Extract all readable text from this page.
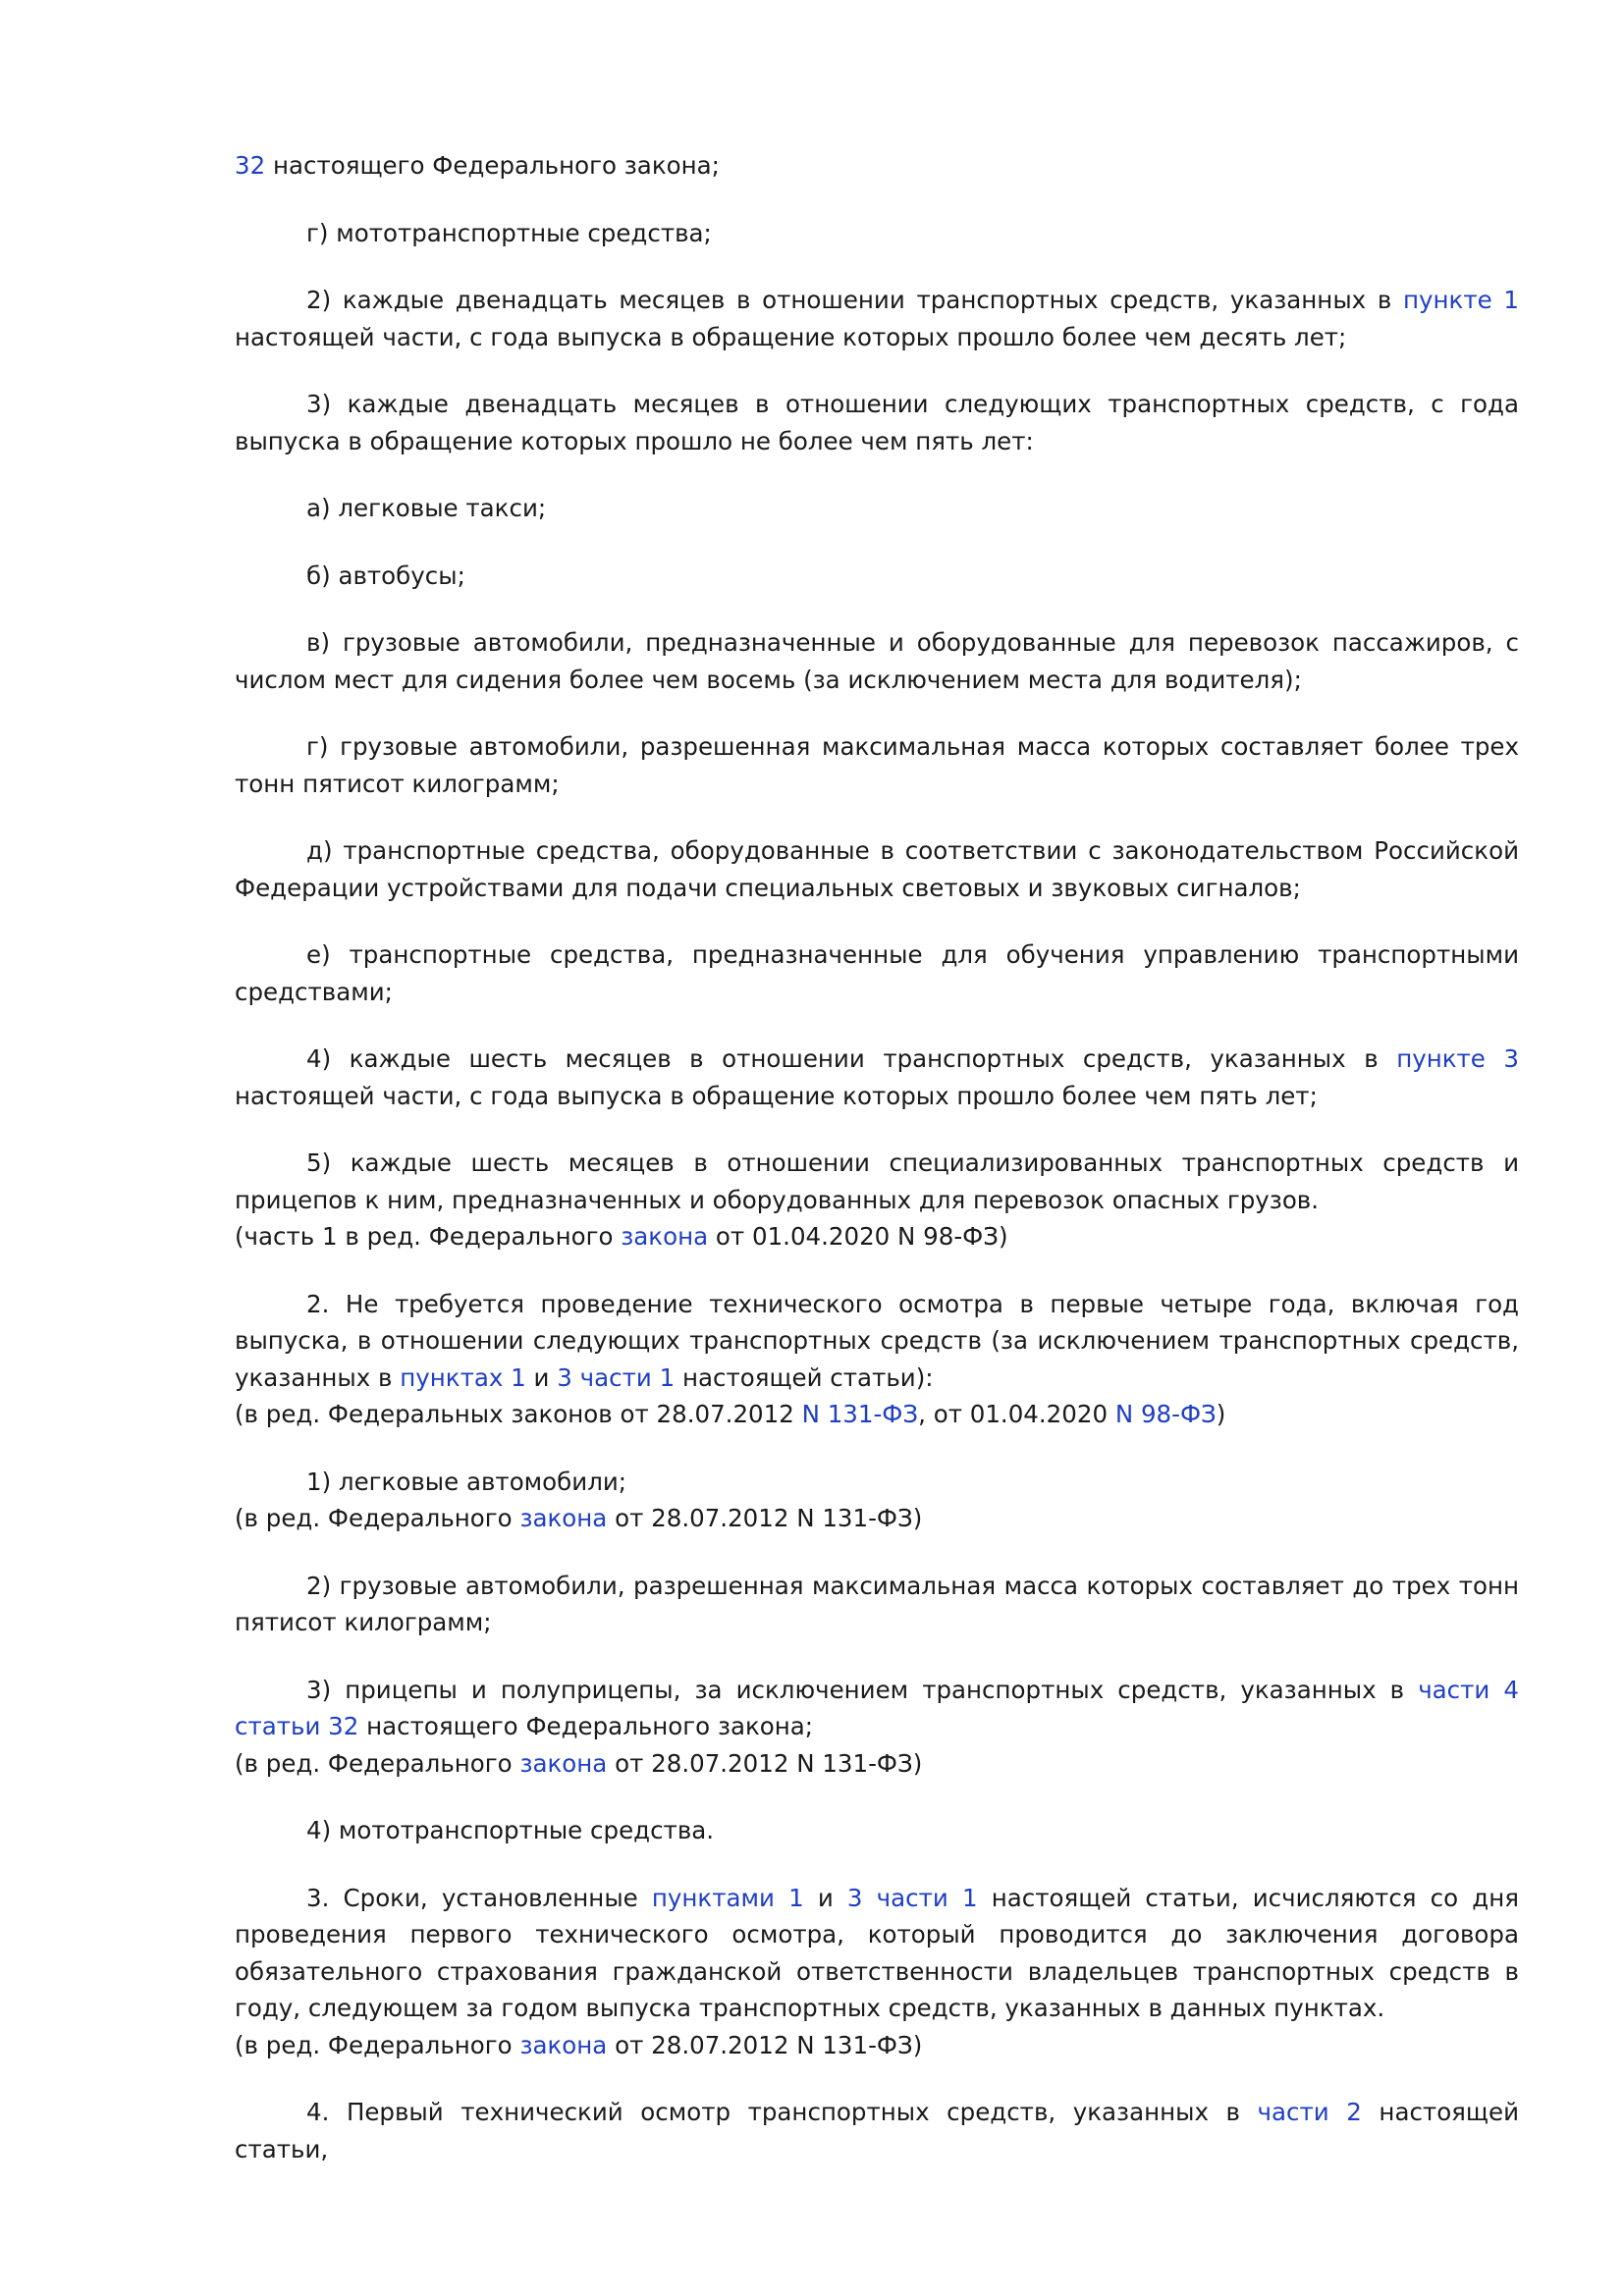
32 настоящего Федерального закона;

г) мототранспортные средства;

2) каждые двенадцать месяцев в отношении транспортных средств, указанных в пункте 1 настоящей части, с года выпуска в обращение которых прошло более чем десять лет;

3) каждые двенадцать месяцев в отношении следующих транспортных средств, с года выпуска в обращение которых прошло не более чем пять лет:

а) легковые такси;

б) автобусы;

в) грузовые автомобили, предназначенные и оборудованные для перевозок пассажиров, с числом мест для сидения более чем восемь (за исключением места для водителя);

г) грузовые автомобили, разрешенная максимальная масса которых составляет более трех тонн пятисот килограмм;

д) транспортные средства, оборудованные в соответствии с законодательством Российской Федерации устройствами для подачи специальных световых и звуковых сигналов;

е) транспортные средства, предназначенные для обучения управлению транспортными средствами;

4) каждые шесть месяцев в отношении транспортных средств, указанных в пункте 3 настоящей части, с года выпуска в обращение которых прошло более чем пять лет;

5) каждые шесть месяцев в отношении специализированных транспортных средств и прицепов к ним, предназначенных и оборудованных для перевозок опасных грузов.

(часть 1 в ред. Федерального закона от 01.04.2020 N 98-ФЗ)

2. Не требуется проведение технического осмотра в первые четыре года, включая год выпуска, в отношении следующих транспортных средств (за исключением транспортных средств, указанных в пунктах 1 и 3 части 1 настоящей статьи):

(в ред. Федеральных законов от 28.07.2012 N 131-ФЗ, от 01.04.2020 N 98-ФЗ)

1) легковые автомобили;

(в ред. Федерального закона от 28.07.2012 N 131-ФЗ)

2) грузовые автомобили, разрешенная максимальная масса которых составляет до трех тонн пятисот килограмм;

3) прицепы и полуприцепы, за исключением транспортных средств, указанных в части 4 статьи 32 настоящего Федерального закона;

(в ред. Федерального закона от 28.07.2012 N 131-ФЗ)

4) мототранспортные средства.

3. Сроки, установленные пунктами 1 и 3 части 1 настоящей статьи, исчисляются со дня проведения первого технического осмотра, который проводится до заключения договора обязательного страхования гражданской ответственности владельцев транспортных средств в году, следующем за годом выпуска транспортных средств, указанных в данных пунктах.

(в ред. Федерального закона от 28.07.2012 N 131-ФЗ)

4. Первый технический осмотр транспортных средств, указанных в части 2 настоящей статьи,
